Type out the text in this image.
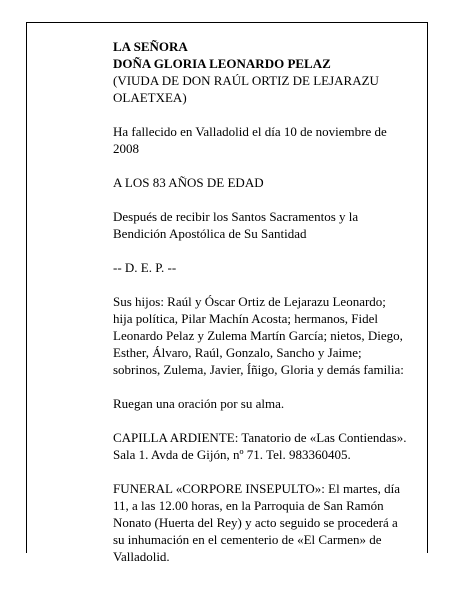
LA SEÑORA
DOÑA GLORIA LEONARDO PELAZ
(VIUDA DE DON RAÚL ORTIZ DE LEJARAZU
OLAETXEA)
Ha fallecido en Valladolid el día 10 de noviembre de
2008
A LOS 83 AÑOS DE EDAD
Después de recibir los Santos Sacramentos y la
Bendición Apostólica de Su Santidad
-- D. E. P. --
Sus hijos: Raúl y Óscar Ortiz de Lejarazu Leonardo;
hija política, Pilar Machín Acosta; hermanos, Fidel
Leonardo Pelaz y Zulema Martín García; nietos, Diego,
Esther, Álvaro, Raúl, Gonzalo, Sancho y Jaime;
sobrinos, Zulema, Javier, Íñigo, Gloria y demás familia:
Ruegan una oración por su alma.
CAPILLA ARDIENTE: Tanatorio de «Las Contiendas».
Sala 1. Avda de Gijón, nº 71. Tel. 983360405.
FUNERAL «CORPORE INSEPULTO»: El martes, día
11, a las 12.00 horas, en la Parroquia de San Ramón
Nonato (Huerta del Rey) y acto seguido se procederá a
su inhumación en el cementerio de «El Carmen» de
Valladolid.
